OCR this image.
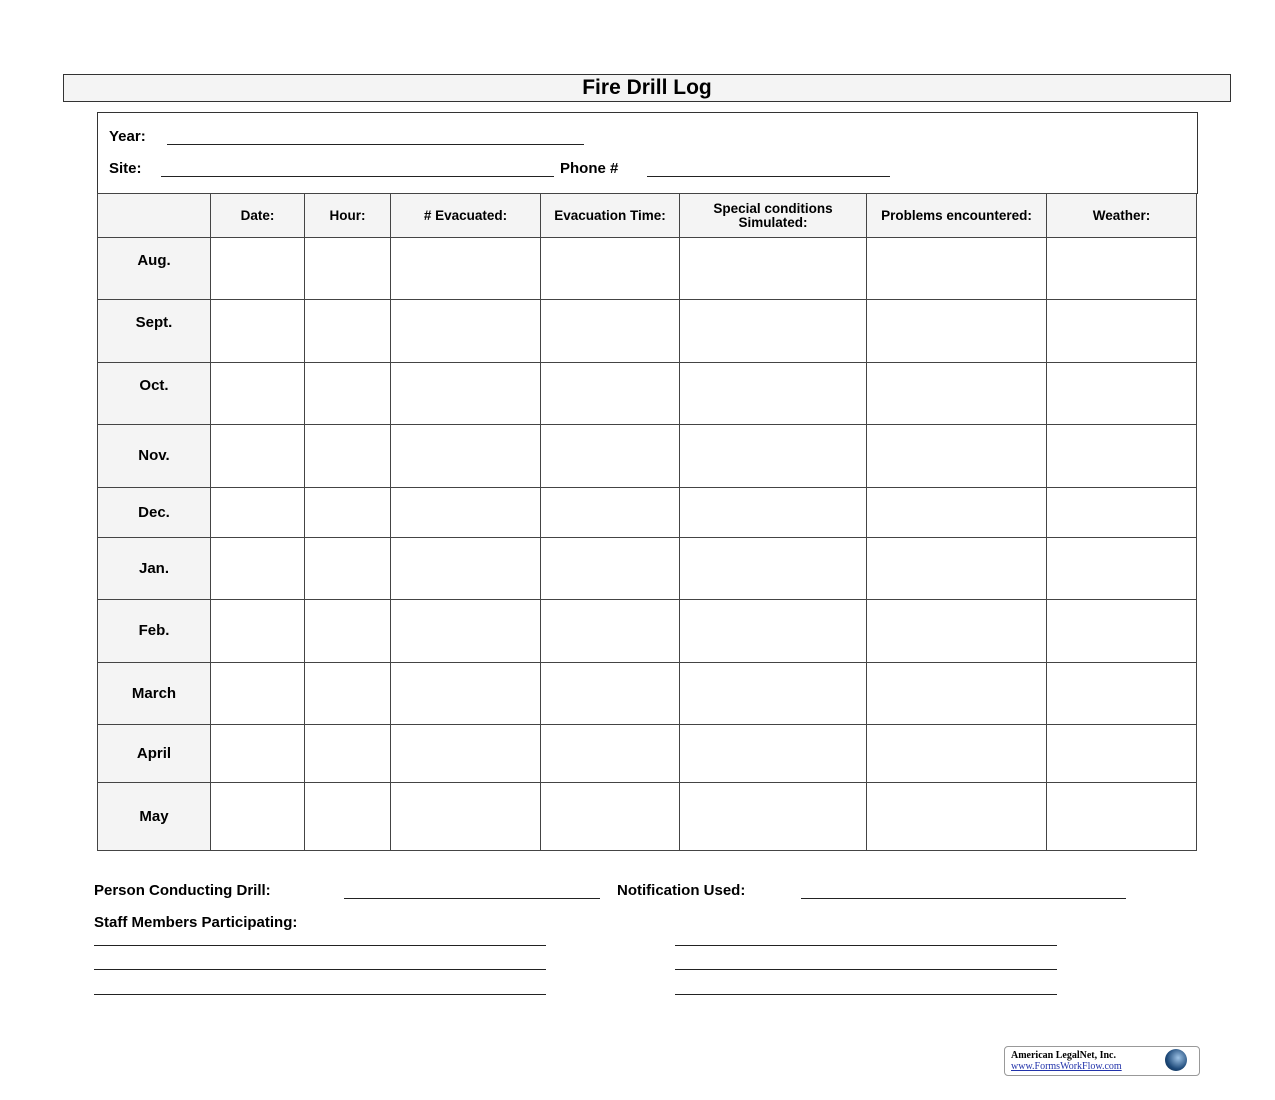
Fire Drill Log
Year:
Site:	Phone #
	Date:	Hour:	# Evacuated:	Evacuation Time:	Special conditions Simulated:	Problems encountered:	Weather:
Aug.							
Sept.							
Oct.							
Nov.							
Dec.							
Jan.							
Feb.							
March							
April							
May							
Person Conducting Drill:	Notification Used:
Staff Members Participating:
American LegalNet, Inc.
www.FormsWorkFlow.com
